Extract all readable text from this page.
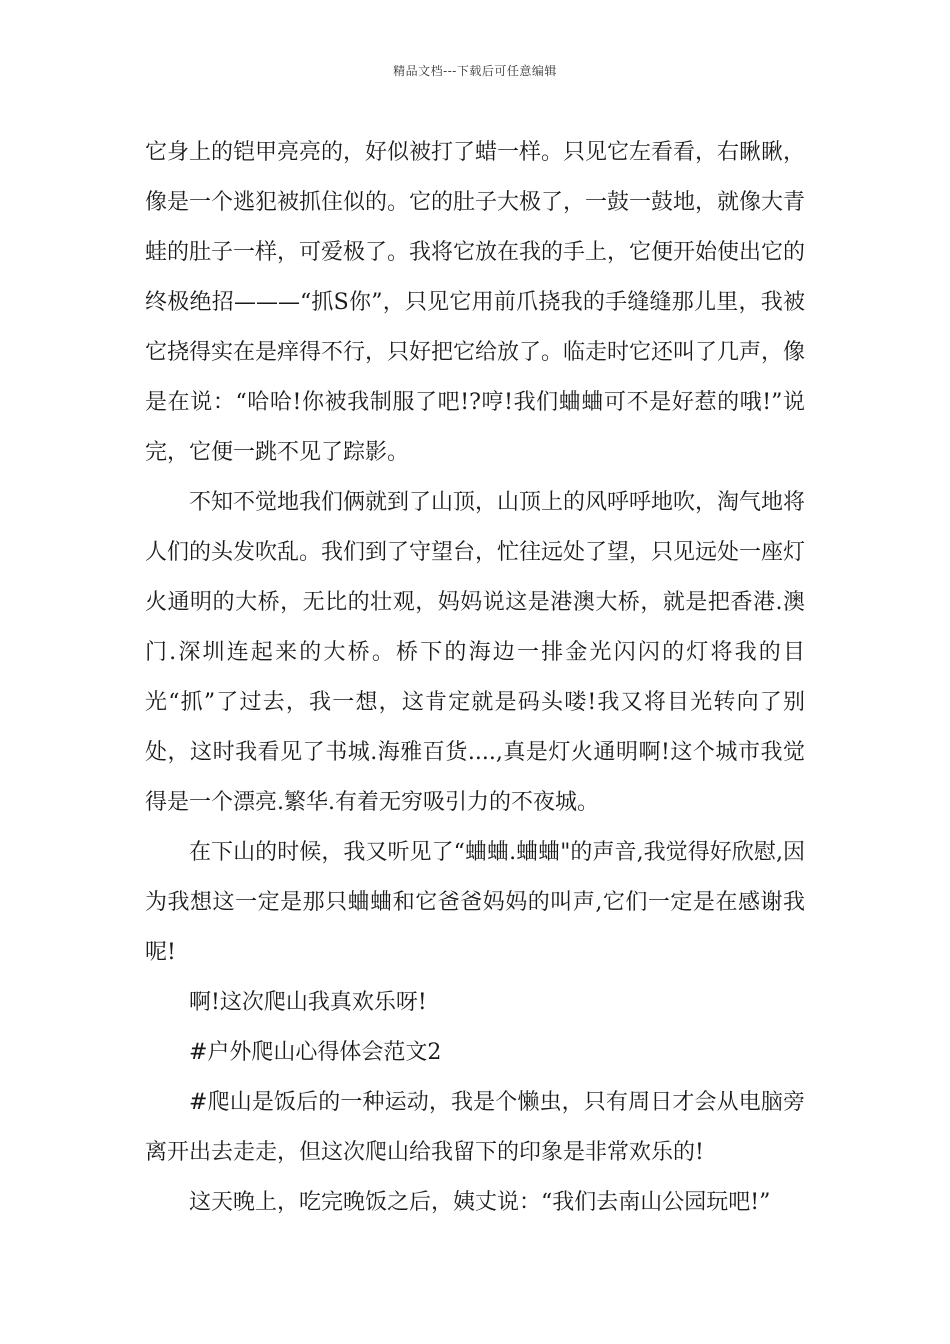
精品文档---下载后可任意编辑

它身上的铠甲亮亮的，好似被打了蜡一样。只见它左看看，右瞅瞅，像是一个逃犯被抓住似的。它的肚子大极了，一鼓一鼓地，就像大青蛙的肚子一样，可爱极了。我将它放在我的手上，它便开始使出它的终极绝招———“抓S你”，只见它用前爪挠我的手缝缝那儿里，我被它挠得实在是痒得不行，只好把它给放了。临走时它还叫了几声，像是在说：“哈哈!你被我制服了吧!?哼!我们蛐蛐可不是好惹的哦!”说完，它便一跳不见了踪影。

不知不觉地我们俩就到了山顶，山顶上的风呼呼地吹，淘气地将人们的头发吹乱。我们到了守望台，忙往远处了望，只见远处一座灯火通明的大桥，无比的壮观，妈妈说这是港澳大桥，就是把香港.澳门.深圳连起来的大桥。桥下的海边一排金光闪闪的灯将我的目光“抓”了过去，我一想，这肯定就是码头喽!我又将目光转向了别处，这时我看见了书城.海雅百货....,真是灯火通明啊!这个城市我觉得是一个漂亮.繁华.有着无穷吸引力的不夜城。

在下山的时候，我又听见了“蛐蛐.蛐蛐"的声音,我觉得好欣慰,因为我想这一定是那只蛐蛐和它爸爸妈妈的叫声,它们一定是在感谢我呢!

啊!这次爬山我真欢乐呀!

#户外爬山心得体会范文2

#爬山是饭后的一种运动，我是个懒虫，只有周日才会从电脑旁离开出去走走，但这次爬山给我留下的印象是非常欢乐的!

这天晚上，吃完晚饭之后，姨丈说：“我们去南山公园玩吧!”
